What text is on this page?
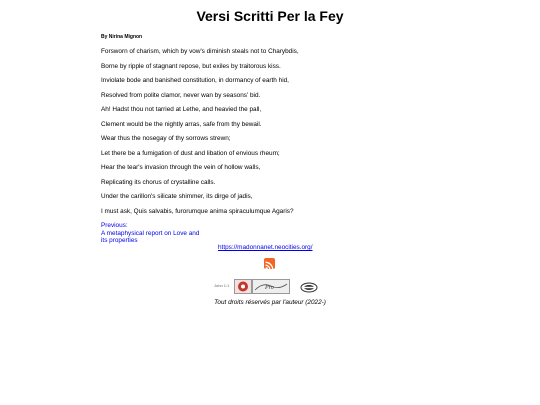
Versi Scritti Per la Fey
By Nirina Mignon

Forsworn of charism, which by vow's diminish steals not to Charybdis,

Borne by ripple of stagnant repose, but exiles by traitorous kiss.

Inviolate bode and banished constitution, in dormancy of earth hid,

Resolved from polite clamor, never wan by seasons' bid.

Ah! Hadst thou not tarried at Lethe, and heavied the pall,

Clement would be the nightly arras, safe from thy bewail.

Wear thus the nosegay of thy sorrows strewn;

Let there be a fumigation of dust and libation of envious rheum;

Hear the tear's invasion through the vein of hollow walls,

Replicating its chorus of crystalline calls.

Under the carillon's silicate shimmer, its dirge of jadis,

I must ask, Quis salvabis, furorumque anima spiraculumque Agaris?

Previous:
A metaphysical report on Love and
its properties
https://madonnanet.neocities.org/
John 1:1	Pro
Tout droits réservés par l'auteur (2022-)
